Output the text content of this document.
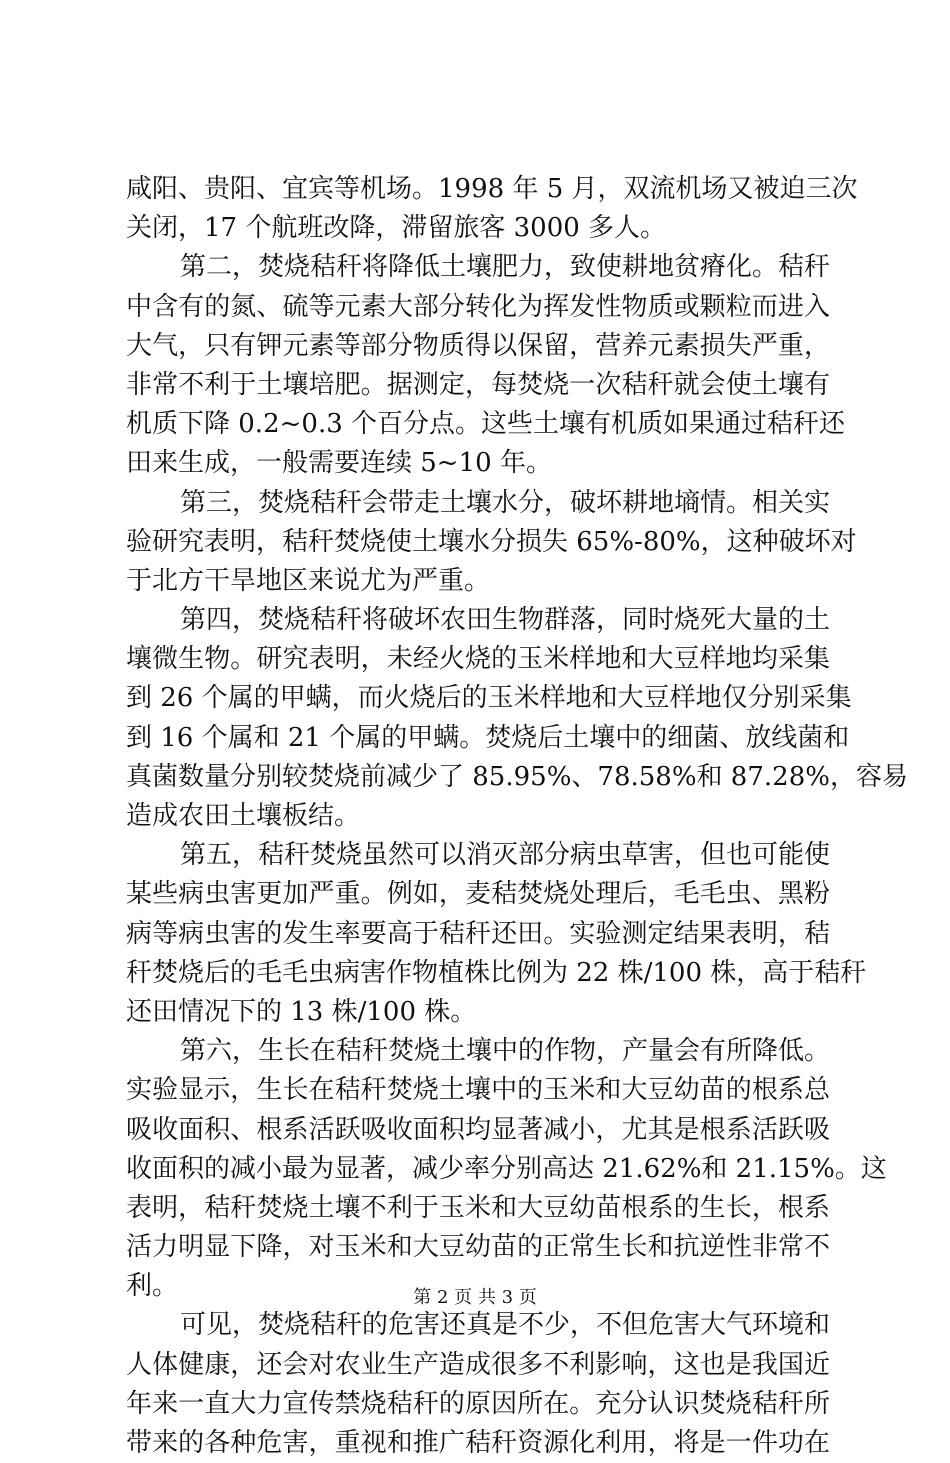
咸阳、贵阳、宜宾等机场。1998 年 5 月，双流机场又被迫三次
关闭，17 个航班改降，滞留旅客 3000 多人。
第二，焚烧秸秆将降低土壤肥力，致使耕地贫瘠化。秸秆
中含有的氮、硫等元素大部分转化为挥发性物质或颗粒而进入
大气，只有钾元素等部分物质得以保留，营养元素损失严重，
非常不利于土壤培肥。据测定，每焚烧一次秸秆就会使土壤有
机质下降 0.2~0.3 个百分点。这些土壤有机质如果通过秸秆还
田来生成，一般需要连续 5~10 年。
第三，焚烧秸秆会带走土壤水分，破坏耕地墒情。相关实
验研究表明，秸秆焚烧使土壤水分损失 65%-80%，这种破坏对
于北方干旱地区来说尤为严重。
第四，焚烧秸秆将破坏农田生物群落，同时烧死大量的土
壤微生物。研究表明，未经火烧的玉米样地和大豆样地均采集
到 26 个属的甲螨，而火烧后的玉米样地和大豆样地仅分别采集
到 16 个属和 21 个属的甲螨。焚烧后土壤中的细菌、放线菌和
真菌数量分别较焚烧前减少了 85.95%、78.58%和 87.28%，容易
造成农田土壤板结。
第五，秸秆焚烧虽然可以消灭部分病虫草害，但也可能使
某些病虫害更加严重。例如，麦秸焚烧处理后，毛毛虫、黑粉
病等病虫害的发生率要高于秸秆还田。实验测定结果表明，秸
秆焚烧后的毛毛虫病害作物植株比例为 22 株/100 株，高于秸秆
还田情况下的 13 株/100 株。
第六，生长在秸秆焚烧土壤中的作物，产量会有所降低。
实验显示，生长在秸秆焚烧土壤中的玉米和大豆幼苗的根系总
吸收面积、根系活跃吸收面积均显著减小，尤其是根系活跃吸
收面积的减小最为显著，减少率分别高达 21.62%和 21.15%。这
表明，秸秆焚烧土壤不利于玉米和大豆幼苗根系的生长，根系
活力明显下降，对玉米和大豆幼苗的正常生长和抗逆性非常不
利。
可见，焚烧秸秆的危害还真是不少，不但危害大气环境和
人体健康，还会对农业生产造成很多不利影响，这也是我国近
年来一直大力宣传禁烧秸秆的原因所在。充分认识焚烧秸秆所
带来的各种危害，重视和推广秸秆资源化利用，将是一件功在
第 2 页 共 3 页
